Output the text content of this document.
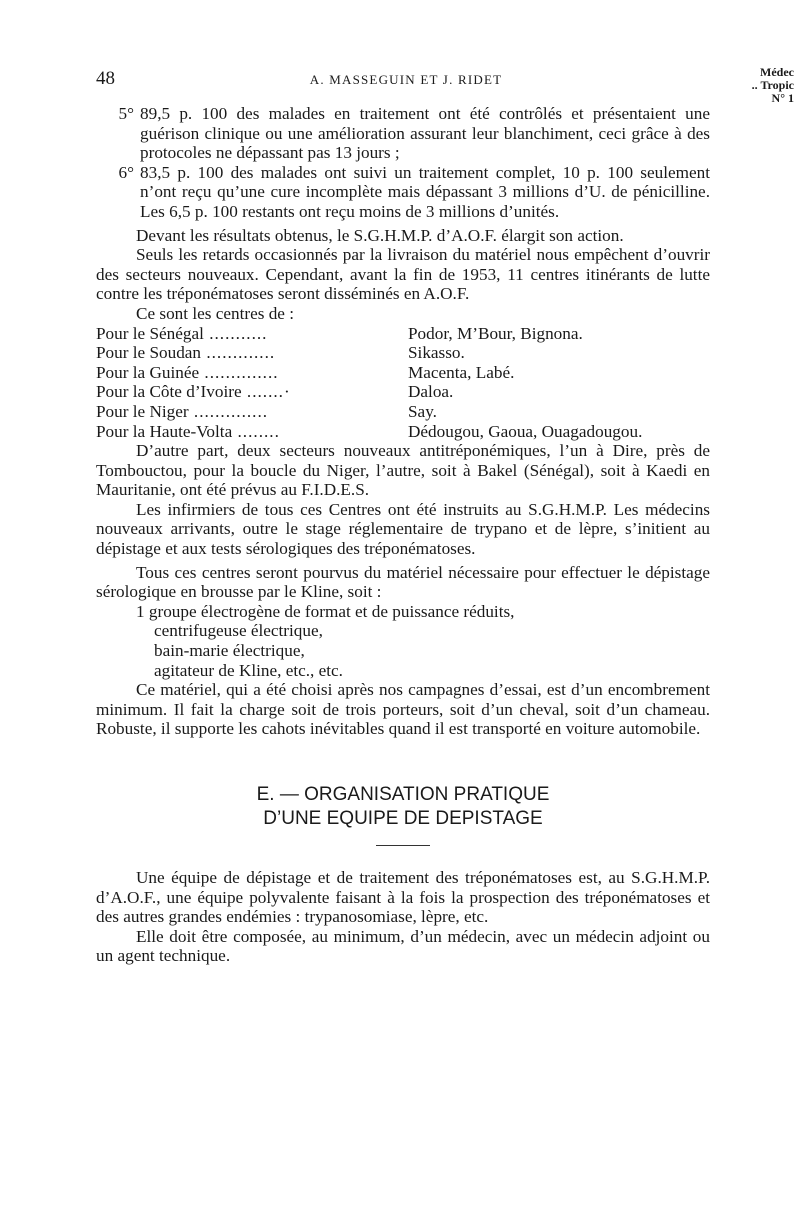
48	A. MASSEGUIN ET J. RIDET	Médec
.. Tropic
N° 1
5° 89,5 p. 100 des malades en traitement ont été contrôlés et présentaient une guérison clinique ou une amélioration assurant leur blanchiment, ceci grâce à des protocoles ne dépassant pas 13 jours ;
6° 83,5 p. 100 des malades ont suivi un traitement complet, 10 p. 100 seulement n’ont reçu qu’une cure incomplète mais dépassant 3 millions d’U. de pénicilline. Les 6,5 p. 100 restants ont reçu moins de 3 millions d’unités.

Devant les résultats obtenus, le S.G.H.M.P. d’A.O.F. élargit son action.

Seuls les retards occasionnés par la livraison du matériel nous empêchent d’ouvrir des secteurs nouveaux. Cependant, avant la fin de 1953, 11 centres itinérants de lutte contre les tréponématoses seront disséminés en A.O.F.

Ce sont les centres de :

Pour le Sénégal ...........	Podor, M’Bour, Bignona.
Pour le Soudan .............	Sikasso.
Pour la Guinée ..............	Macenta, Labé.
Pour la Côte d’Ivoire .......·	Daloa.
Pour le Niger ..............	Say.
Pour la Haute-Volta ........	Dédougou, Gaoua, Ouagadougou.

D’autre part, deux secteurs nouveaux antitréponémiques, l’un à Dire, près de Tombouctou, pour la boucle du Niger, l’autre, soit à Bakel (Sénégal), soit à Kaedi en Mauritanie, ont été prévus au F.I.D.E.S.

Les infirmiers de tous ces Centres ont été instruits au S.G.H.M.P. Les médecins nouveaux arrivants, outre le stage réglementaire de trypano et de lèpre, s’initient au dépistage et aux tests sérologiques des tréponématoses.

Tous ces centres seront pourvus du matériel nécessaire pour effectuer le dépistage sérologique en brousse par le Kline, soit :

1 groupe électrogène de format et de puissance réduits,
centrifugeuse électrique,
bain-marie électrique,
agitateur de Kline, etc., etc.

Ce matériel, qui a été choisi après nos campagnes d’essai, est d’un encombrement minimum. Il fait la charge soit de trois porteurs, soit d’un cheval, soit d’un chameau. Robuste, il supporte les cahots inévitables quand il est transporté en voiture automobile.

E. — ORGANISATION PRATIQUE
D’UNE EQUIPE DE DEPISTAGE

Une équipe de dépistage et de traitement des tréponématoses est, au S.G.H.M.P. d’A.O.F., une équipe polyvalente faisant à la fois la prospection des tréponématoses et des autres grandes endémies : trypanosomiase, lèpre, etc.

Elle doit être composée, au minimum, d’un médecin, avec un médecin adjoint ou un agent technique.
